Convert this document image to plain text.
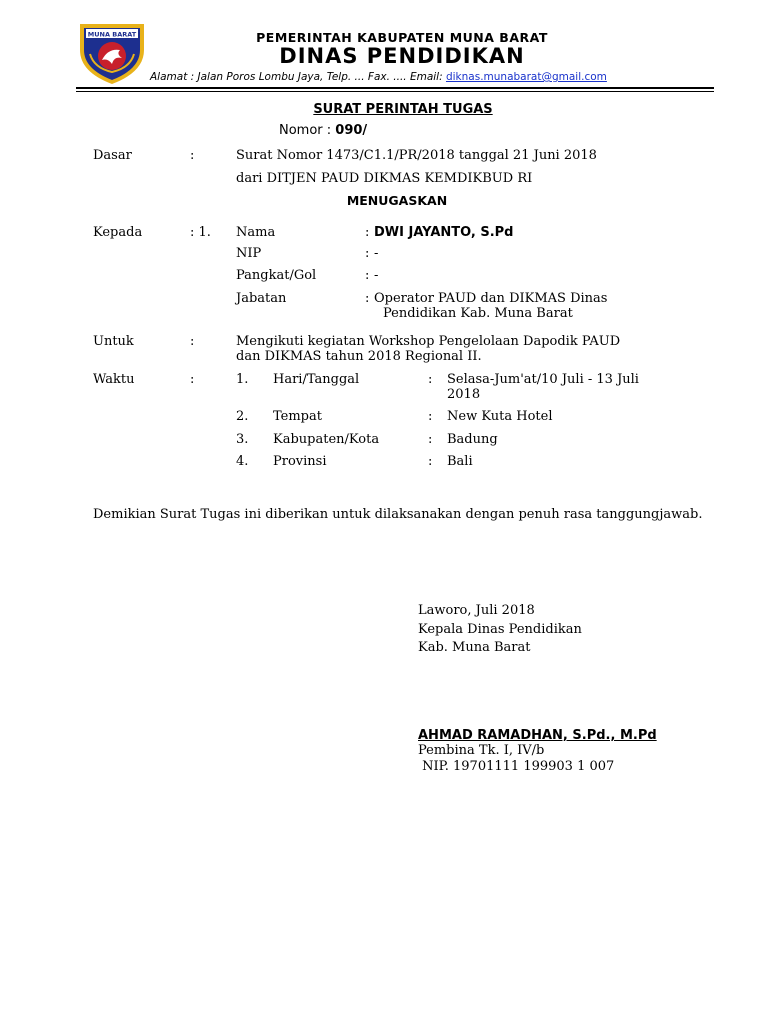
MUNA BARAT	PEMERINTAH KABUPATEN MUNA BARAT
DINAS PENDIDIKAN
Alamat : Jalan Poros Lombu Jaya, Telp. ... Fax. .... Email: diknas.munabarat@gmail.com
SURAT PERINTAH TUGAS
Nomor : 090/
Dasar	:	Surat Nomor 1473/C1.1/PR/2018 tanggal 21 Juni 2018
dari DITJEN PAUD DIKMAS KEMDIKBUD RI
MENUGASKAN
Kepada	: 1. Nama	: DWI JAYANTO, S.Pd
NIP	: -
Pangkat/Gol	: -
Jabatan	: Operator PAUD dan DIKMAS Dinas
Pendidikan Kab. Muna Barat
Untuk	:	Mengikuti kegiatan Workshop Pengelolaan Dapodik PAUD
dan DIKMAS tahun 2018 Regional II.
Waktu	:	1. Hari/Tanggal	: Selasa-Jum'at/10 Juli - 13 Juli
2018
2. Tempat	: New Kuta Hotel
3. Kabupaten/Kota	: Badung
4. Provinsi	: Bali
Demikian Surat Tugas ini diberikan untuk dilaksanakan dengan penuh rasa tanggungjawab.
Laworo, Juli 2018
Kepala Dinas Pendidikan
Kab. Muna Barat
AHMAD RAMADHAN, S.Pd., M.Pd
Pembina Tk. I, IV/b
NIP. 19701111 199903 1 007
